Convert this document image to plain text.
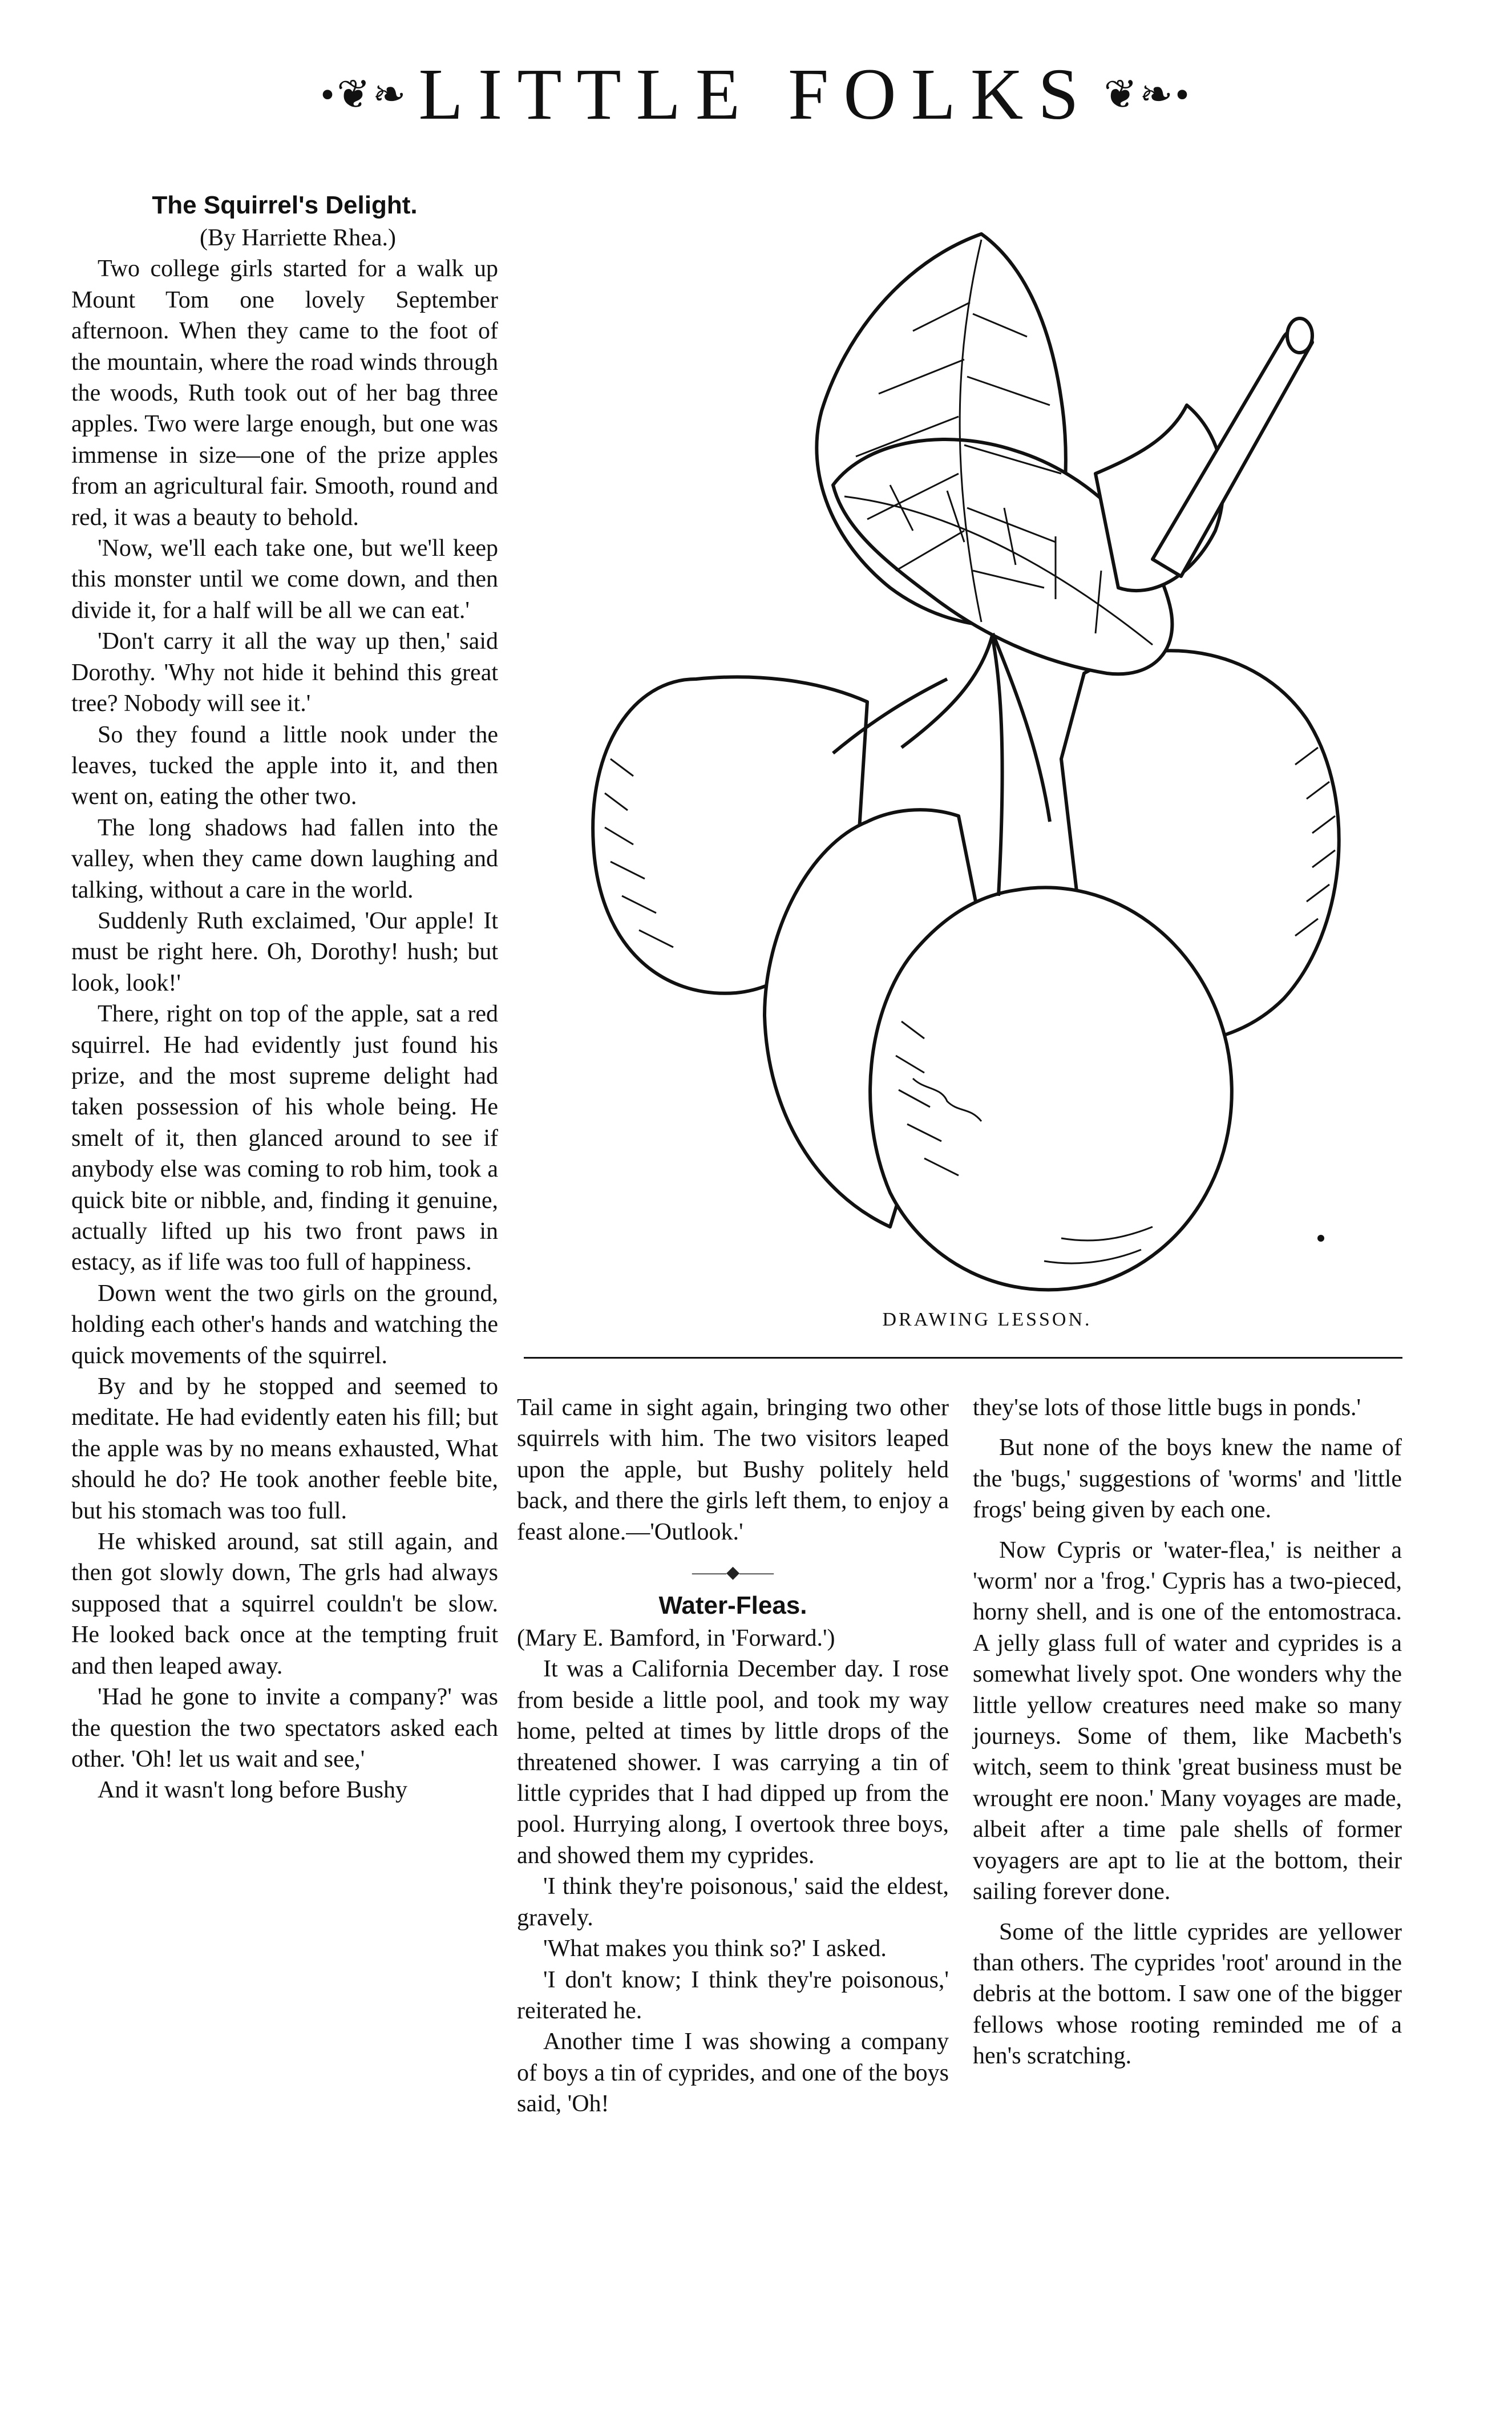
•❦❧ LITTLE FOLKS ❦❧•
The Squirrel's Delight.

(By Harriette Rhea.)

Two college girls started for a walk up Mount Tom one lovely September afternoon. When they came to the foot of the mountain, where the road winds through the woods, Ruth took out of her bag three apples. Two were large enough, but one was immense in size—one of the prize apples from an agricultural fair. Smooth, round and red, it was a beauty to behold.

'Now, we'll each take one, but we'll keep this monster until we come down, and then divide it, for a half will be all we can eat.'

'Don't carry it all the way up then,' said Dorothy. 'Why not hide it behind this great tree? Nobody will see it.'

So they found a little nook under the leaves, tucked the apple into it, and then went on, eating the other two.

The long shadows had fallen into the valley, when they came down laughing and talking, without a care in the world.

Suddenly Ruth exclaimed, 'Our apple! It must be right here. Oh, Dorothy! hush; but look, look!'

There, right on top of the apple, sat a red squirrel. He had evidently just found his prize, and the most supreme delight had taken possession of his whole being. He smelt of it, then glanced around to see if anybody else was coming to rob him, took a quick bite or nibble, and, finding it genuine, actually lifted up his two front paws in estacy, as if life was too full of happiness.

Down went the two girls on the ground, holding each other's hands and watching the quick movements of the squirrel.

By and by he stopped and seemed to meditate. He had evidently eaten his fill; but the apple was by no means exhausted, What should he do? He took another feeble bite, but his stomach was too full.

He whisked around, sat still again, and then got slowly down, The grls had always supposed that a squirrel couldn't be slow. He looked back once at the tempting fruit and then leaped away.

'Had he gone to invite a company?' was the question the two spectators asked each other. 'Oh! let us wait and see,'

And it wasn't long before Bushy

DRAWING LESSON.

Tail came in sight again, bringing two other squirrels with him. The two visitors leaped upon the apple, but Bushy politely held back, and there the girls left them, to enjoy a feast alone.—'Outlook.'

——◆——
Water-Fleas.

(Mary E. Bamford, in 'Forward.')

It was a California December day. I rose from beside a little pool, and took my way home, pelted at times by little drops of the threatened shower. I was carrying a tin of little cyprides that I had dipped up from the pool. Hurrying along, I overtook three boys, and showed them my cyprides.

'I think they're poisonous,' said the eldest, gravely.

'What makes you think so?' I asked.

'I don't know; I think they're poisonous,' reiterated he.

Another time I was showing a company of boys a tin of cyprides, and one of the boys said, 'Oh!

they'se lots of those little bugs in ponds.'

But none of the boys knew the name of the 'bugs,' suggestions of 'worms' and 'little frogs' being given by each one.

Now Cypris or 'water-flea,' is neither a 'worm' nor a 'frog.' Cypris has a two-pieced, horny shell, and is one of the entomostraca. A jelly glass full of water and cyprides is a somewhat lively spot. One wonders why the little yellow creatures need make so many journeys. Some of them, like Macbeth's witch, seem to think 'great business must be wrought ere noon.' Many voyages are made, albeit after a time pale shells of former voyagers are apt to lie at the bottom, their sailing forever done.

Some of the little cyprides are yellower than others. The cyprides 'root' around in the debris at the bottom. I saw one of the bigger fellows whose rooting reminded me of a hen's scratching.
